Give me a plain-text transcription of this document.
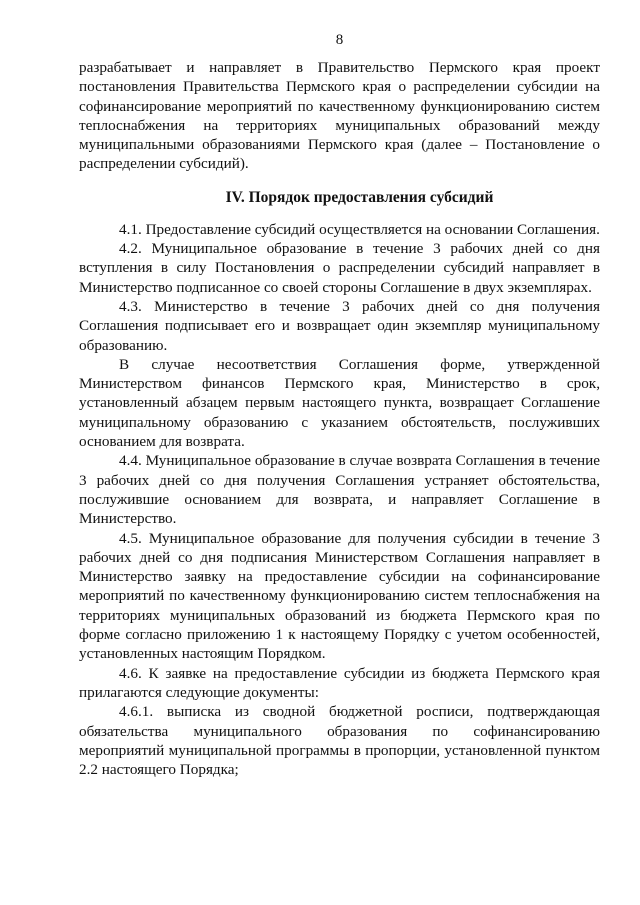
8

разрабатывает и направляет в Правительство Пермского края проект постановления Правительства Пермского края о распределении субсидии на софинансирование мероприятий по качественному функционированию систем теплоснабжения на территориях муниципальных образований между муниципальными образованиями Пермского края (далее – Постановление о распределении субсидий).

IV. Порядок предоставления субсидий

4.1. Предоставление субсидий осуществляется на основании Соглашения.

4.2. Муниципальное образование в течение 3 рабочих дней со дня вступления в силу Постановления о распределении субсидий направляет в Министерство подписанное со своей стороны Соглашение в двух экземплярах.

4.3. Министерство в течение 3 рабочих дней со дня получения Соглашения подписывает его и возвращает один экземпляр муниципальному образованию.

В случае несоответствия Соглашения форме, утвержденной Министерством финансов Пермского края, Министерство в срок, установленный абзацем первым настоящего пункта, возвращает Соглашение муниципальному образованию с указанием обстоятельств, послуживших основанием для возврата.

4.4. Муниципальное образование в случае возврата Соглашения в течение 3 рабочих дней со дня получения Соглашения устраняет обстоятельства, послужившие основанием для возврата, и направляет Соглашение в Министерство.

4.5. Муниципальное образование для получения субсидии в течение 3 рабочих дней со дня подписания Министерством Соглашения направляет в Министерство заявку на предоставление субсидии на софинансирование мероприятий по качественному функционированию систем теплоснабжения на территориях муниципальных образований из бюджета Пермского края по форме согласно приложению 1 к настоящему Порядку с учетом особенностей, установленных настоящим Порядком.

4.6. К заявке на предоставление субсидии из бюджета Пермского края прилагаются следующие документы:

4.6.1. выписка из сводной бюджетной росписи, подтверждающая обязательства муниципального образования по софинансированию мероприятий муниципальной программы в пропорции, установленной пунктом 2.2 настоящего Порядка;
